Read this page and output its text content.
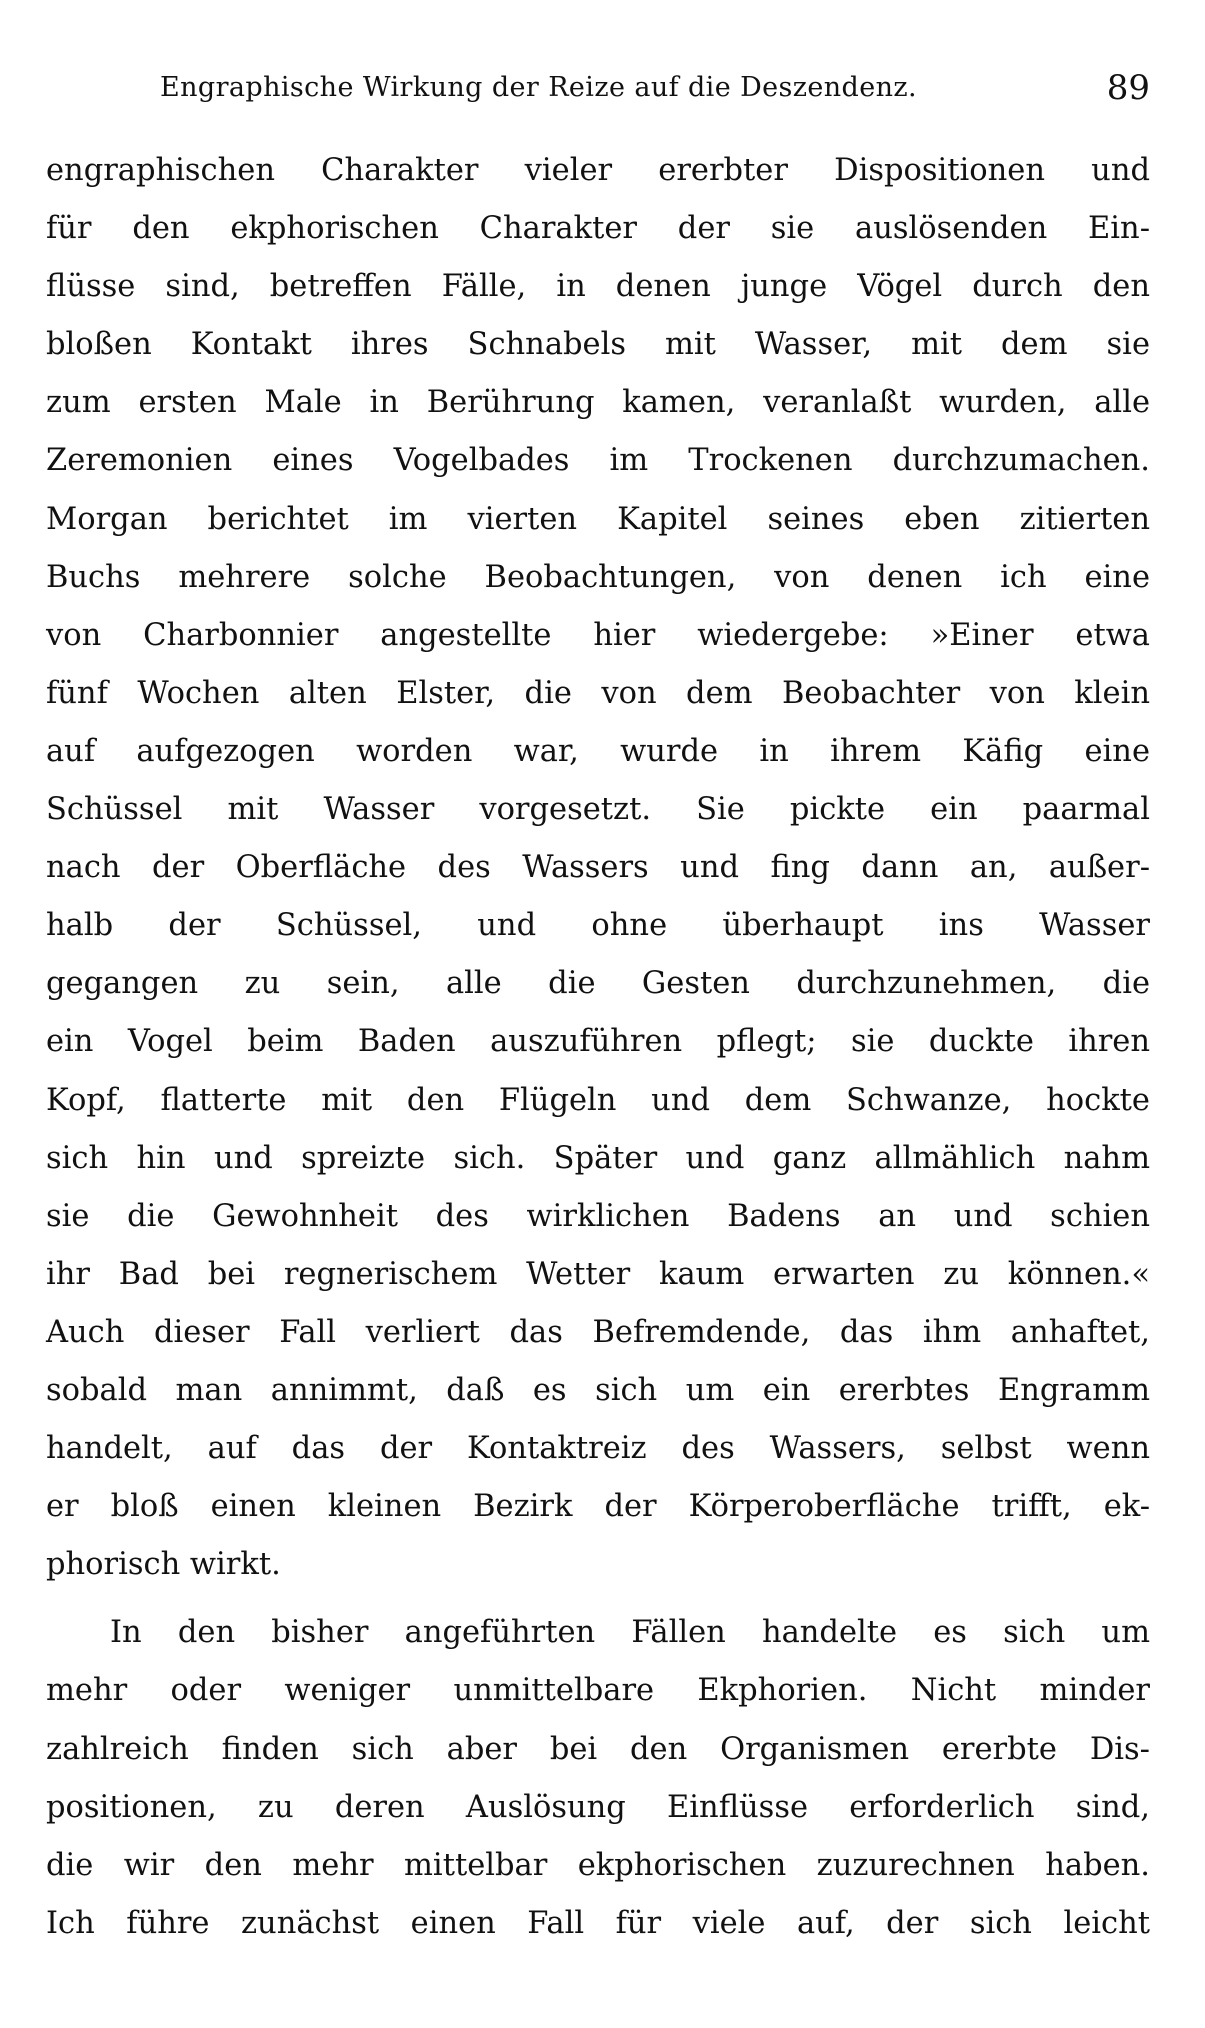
Engraphische Wirkung der Reize auf die Deszendenz.	89
engraphischen Charakter vieler ererbter Dispositionen und
für den ekphorischen Charakter der sie auslösenden Ein-
flüsse sind, betreffen Fälle, in denen junge Vögel durch den
bloßen Kontakt ihres Schnabels mit Wasser, mit dem sie
zum ersten Male in Berührung kamen, veranlaßt wurden, alle
Zeremonien eines Vogelbades im Trockenen durchzumachen.
Morgan berichtet im vierten Kapitel seines eben zitierten
Buchs mehrere solche Beobachtungen, von denen ich eine
von Charbonnier angestellte hier wiedergebe: »Einer etwa
fünf Wochen alten Elster, die von dem Beobachter von klein
auf aufgezogen worden war, wurde in ihrem Käfig eine
Schüssel mit Wasser vorgesetzt. Sie pickte ein paarmal
nach der Oberfläche des Wassers und fing dann an, außer-
halb der Schüssel, und ohne überhaupt ins Wasser
gegangen zu sein, alle die Gesten durchzunehmen, die
ein Vogel beim Baden auszuführen pflegt; sie duckte ihren
Kopf, flatterte mit den Flügeln und dem Schwanze, hockte
sich hin und spreizte sich. Später und ganz allmählich nahm
sie die Gewohnheit des wirklichen Badens an und schien
ihr Bad bei regnerischem Wetter kaum erwarten zu können.«
Auch dieser Fall verliert das Befremdende, das ihm anhaftet,
sobald man annimmt, daß es sich um ein ererbtes Engramm
handelt, auf das der Kontaktreiz des Wassers, selbst wenn
er bloß einen kleinen Bezirk der Körperoberfläche trifft, ek-
phorisch wirkt.
In den bisher angeführten Fällen handelte es sich um
mehr oder weniger unmittelbare Ekphorien. Nicht minder
zahlreich finden sich aber bei den Organismen ererbte Dis-
positionen, zu deren Auslösung Einflüsse erforderlich sind,
die wir den mehr mittelbar ekphorischen zuzurechnen haben.
Ich führe zunächst einen Fall für viele auf, der sich leicht
